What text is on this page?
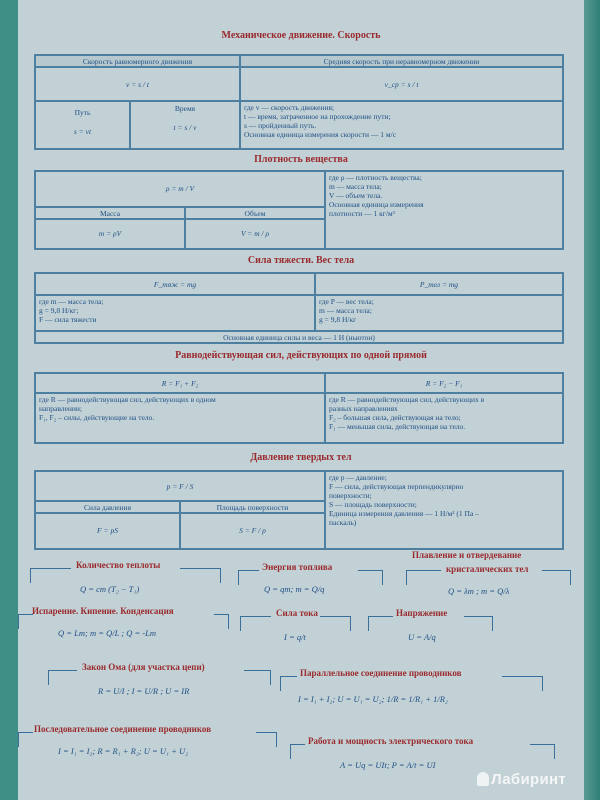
Механическое движение. Скорость
Скорость равномерного движения	Средняя скорость при неравномерном движении
v = s / t	v_ср = s / t
Путь
s = vt
Время
t = s / v
где v — скорость движения;
t — время, затраченное на прохождение пути;
s — пройденный путь.
Основная единица измерения скорости — 1 м/с
Плотность вещества
ρ = m / V
Масса	Объем
m = ρV	V = m / ρ
где ρ — плотность вещества;
m — масса тела;
V — объем тела.
Основная единица измерения
плотности — 1 кг/м³
Сила тяжести. Вес тела
F_тяж = mg	P_тел = mg
где m — масса тела;
g = 9,8 Н/кг;
F — сила тяжести
где P — вес тела;
m — масса тела;
g = 9,8 Н/кг
Основная единица силы и веса — 1 Н (ньютон)
Равнодействующая сил, действующих по одной прямой
R = F₁ + F₂	R = F₂ − F₁
где R — равнодействующая сил, действующих в одном
направлении;
F₁, F₂ – силы, действующие на тело.
где R — равнодействующая сил, действующих в
разных направлениях
F₂ – большая сила, действующая на тело;
F₁ — меньшая сила, действующая на тело.
Давление твердых тел
p = F / S
Сила давления	Площадь поверхности
F = pS	S = F / p
где p — давление;
F — сила, действующая перпендикулярно
поверхности;
S — площадь поверхности;
Единица измерения давления — 1 Н/м² (1 Па –
паскаль)
Количество теплоты
Q = cm (T₂ − T₁)
Энергия топлива
Q = qm; m = Q/q
Плавление и отвердевание
кристалических тел
Q = λm ; m = Q/λ
Испарение. Кипение. Конденсация
Q = Lm; m = Q/L ; Q = -Lm
Сила тока
I = q/t
Напряжение
U = A/q
Закон Ома (для участка цепи)
R = U/I ; I = U/R ; U = IR
Параллельное соединение проводников
I = I₁ + I₂; U = U₁ = U₂; 1/R = 1/R₁ + 1/R₂
Последовательное соединение проводников
I = I₁ = I₂; R = R₁ + R₂; U = U₁ + U₂
Работа и мощность электрического тока
A = Uq = UIt; P = A/t = UI
Лабиринт
